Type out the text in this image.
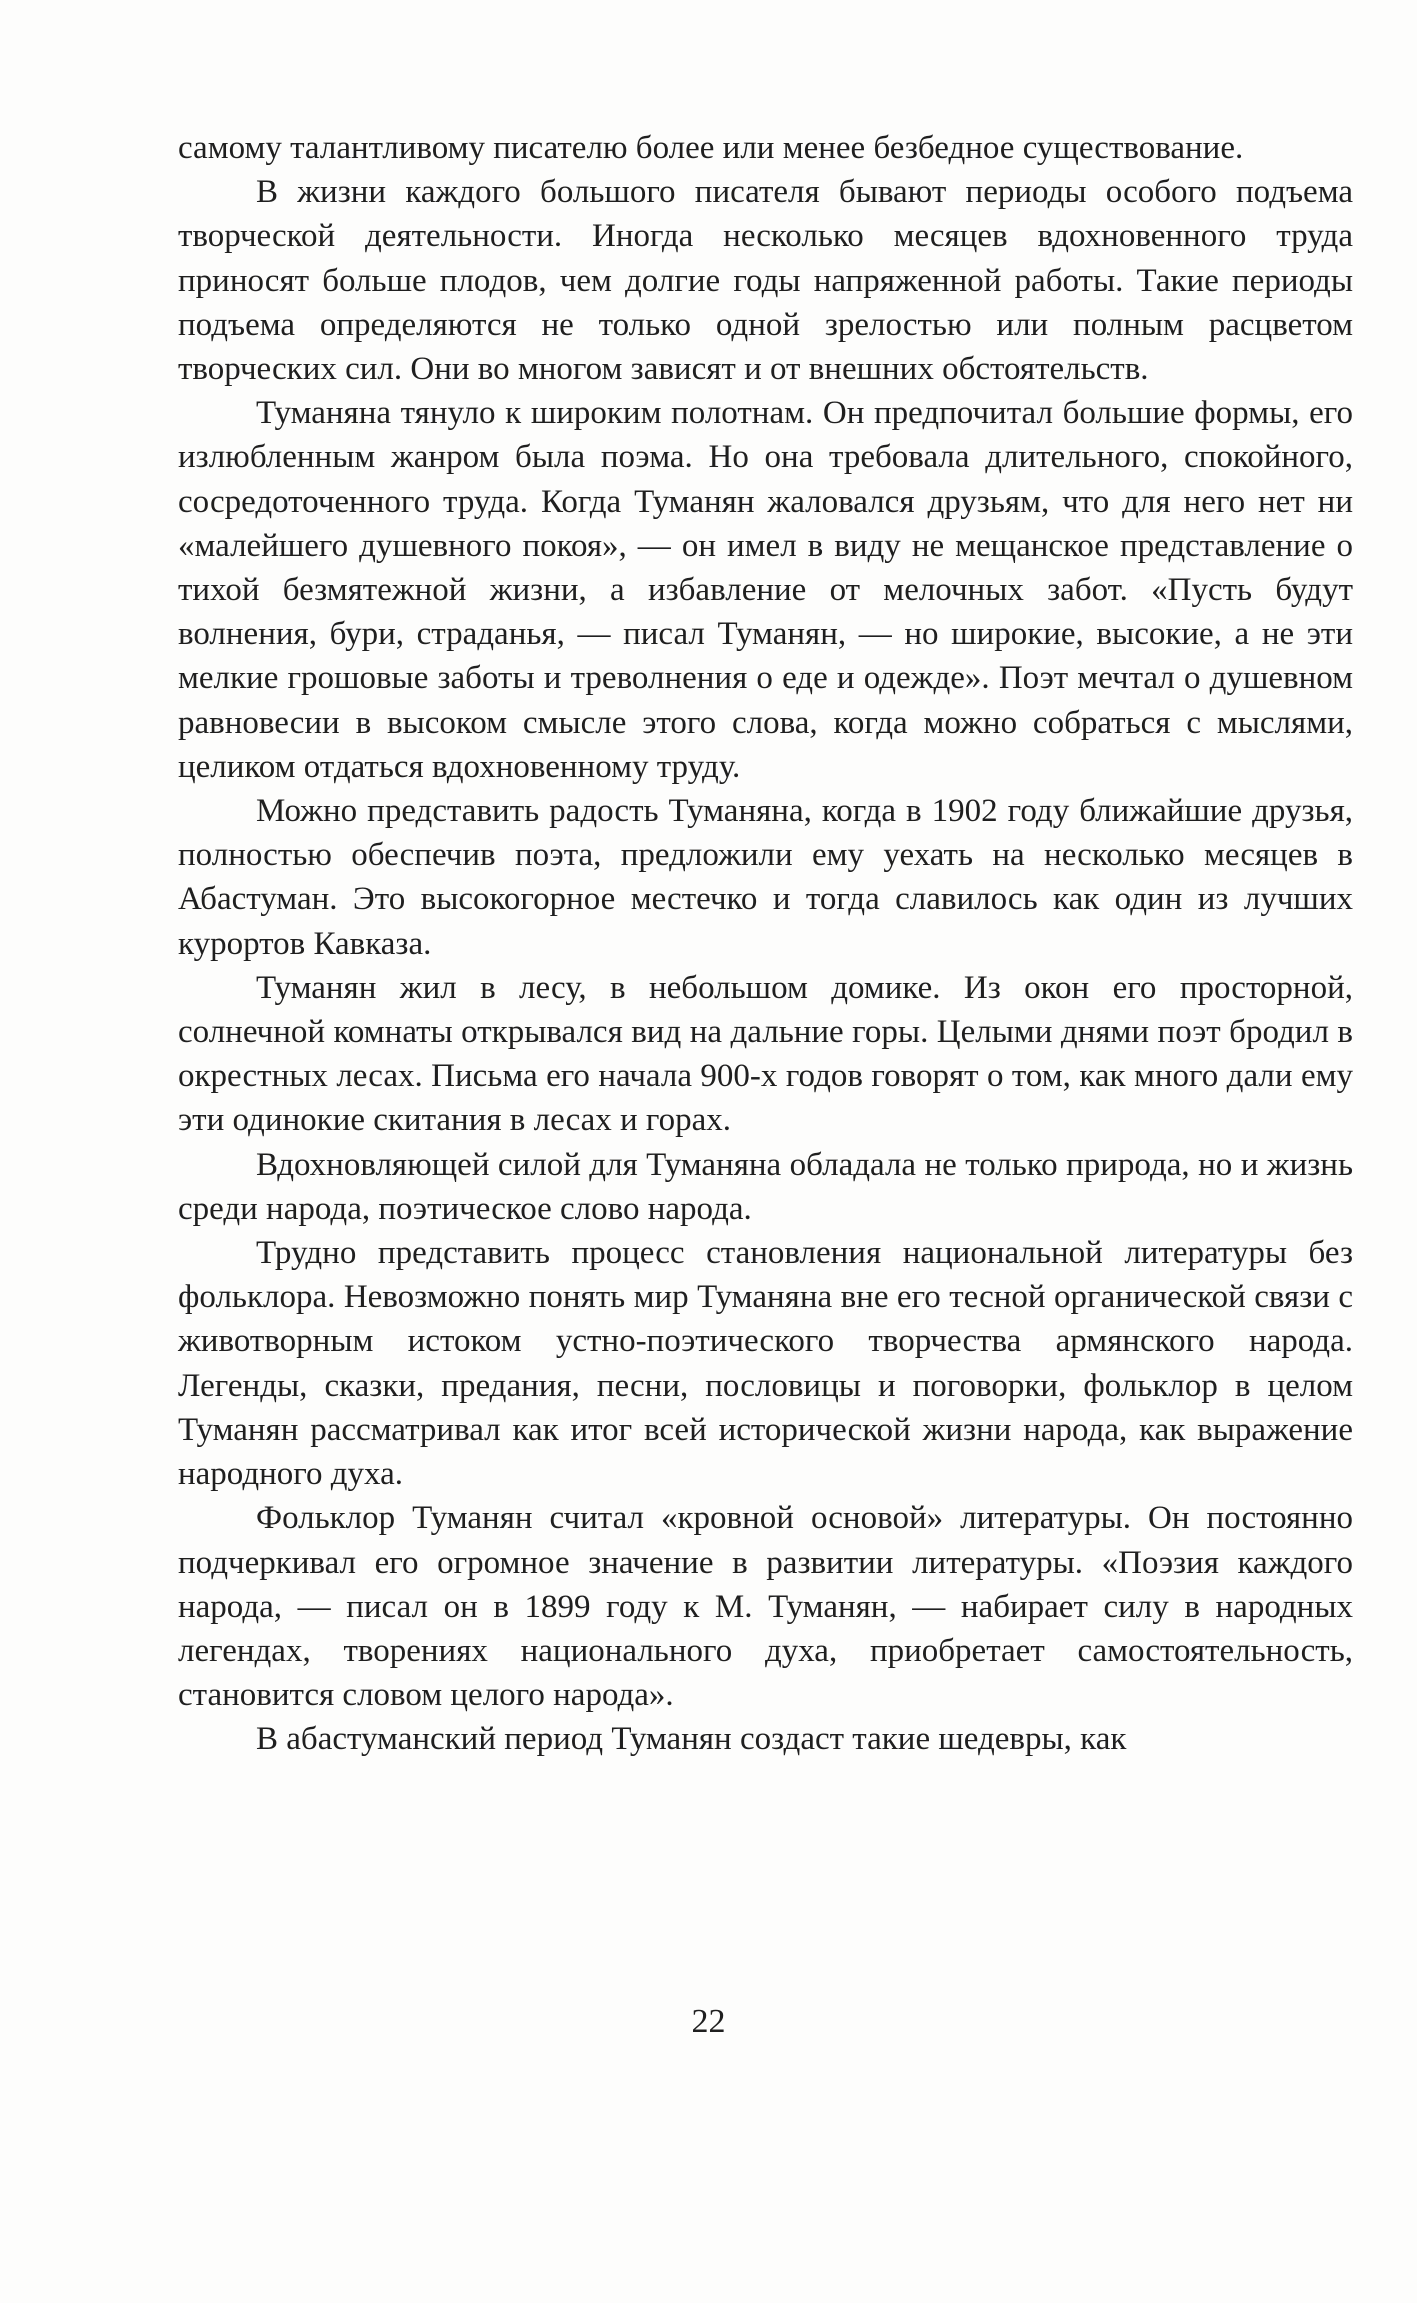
самому талантливому писателю более или менее безбедное существование.

В жизни каждого большого писателя бывают периоды особого подъема творческой деятельности. Иногда несколько месяцев вдохновенного труда приносят больше плодов, чем долгие годы напряженной работы. Такие периоды подъема определяются не только одной зрелостью или полным расцветом творческих сил. Они во многом зависят и от внешних обстоятельств.

Туманяна тянуло к широким полотнам. Он предпочитал большие формы, его излюбленным жанром была поэма. Но она требовала длительного, спокойного, сосредоточенного труда. Когда Туманян жаловался друзьям, что для него нет ни «малейшего душевного покоя», — он имел в виду не мещанское представление о тихой безмятежной жизни, а избавление от мелочных забот. «Пусть будут волнения, бури, страданья, — писал Туманян, — но широкие, высокие, а не эти мелкие грошовые заботы и треволнения о еде и одежде». Поэт мечтал о душевном равновесии в высоком смысле этого слова, когда можно собраться с мыслями, целиком отдаться вдохновенному труду.

Можно представить радость Туманяна, когда в 1902 году ближайшие друзья, полностью обеспечив поэта, предложили ему уехать на несколько месяцев в Абастуман. Это высокогорное местечко и тогда славилось как один из лучших курортов Кавказа.

Туманян жил в лесу, в небольшом домике. Из окон его просторной, солнечной комнаты открывался вид на дальние горы. Целыми днями поэт бродил в окрестных лесах. Письма его начала 900-х годов говорят о том, как много дали ему эти одинокие скитания в лесах и горах.

Вдохновляющей силой для Туманяна обладала не только природа, но и жизнь среди народа, поэтическое слово народа.

Трудно представить процесс становления национальной литературы без фольклора. Невозможно понять мир Туманяна вне его тесной органической связи с животворным истоком устно-поэтического творчества армянского народа. Легенды, сказки, предания, песни, пословицы и поговорки, фольклор в целом Туманян рассматривал как итог всей исторической жизни народа, как выражение народного духа.

Фольклор Туманян считал «кровной основой» литературы. Он постоянно подчеркивал его огромное значение в развитии литературы. «Поэзия каждого народа, — писал он в 1899 году к М. Туманян, — набирает силу в народных легендах, творениях национального духа, приобретает самостоятельность, становится словом целого народа».

В абастуманский период Туманян создаст такие шедевры, как

22
